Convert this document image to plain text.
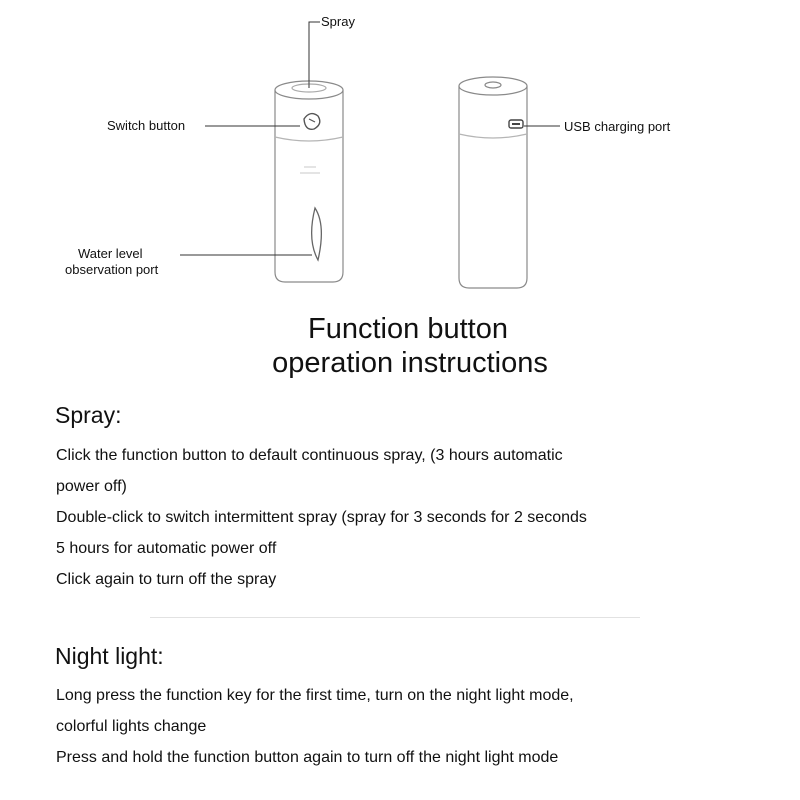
Spray
Switch button
Water level
observation port
USB charging port
Function button
operation instructions
Spray:
Click the function button to default continuous spray, (3 hours automatic
power off)
Double-click to switch intermittent spray (spray for 3 seconds for 2 seconds
5 hours for automatic power off
Click again to turn off the spray
Night light:
Long press the function key for the first time, turn on the night light mode,
colorful lights change
Press and hold the function button again to turn off the night light mode
